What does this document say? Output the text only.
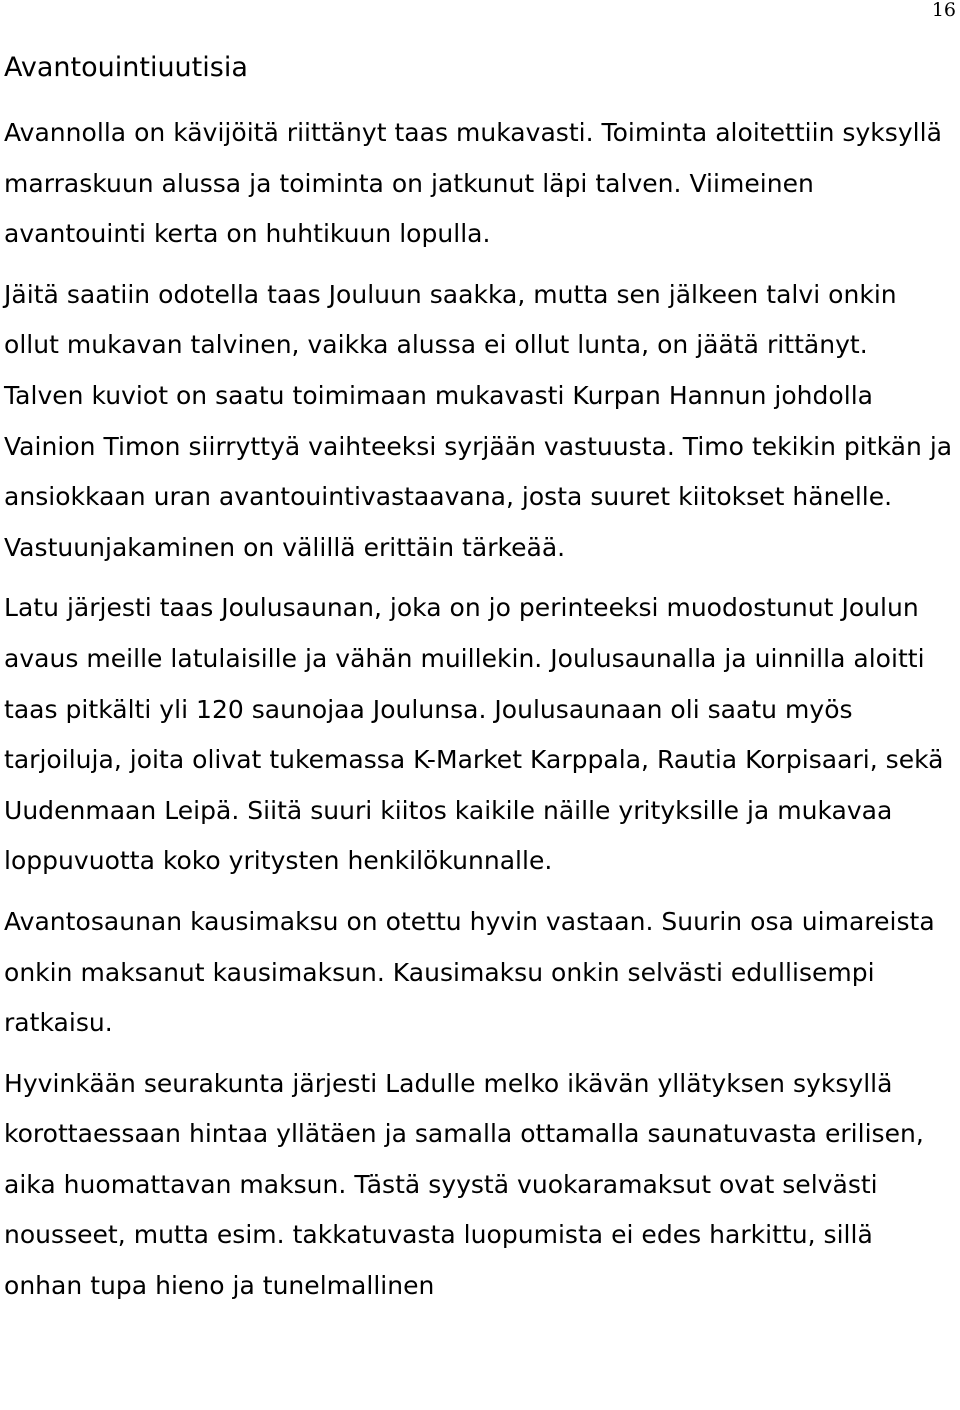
16
Avantouintiuutisia

Avannolla on kävijöitä riittänyt taas mukavasti. Toiminta aloitettiin syksyllä marraskuun alussa ja toiminta on jatkunut läpi talven. Viimeinen avantouinti kerta on huhtikuun lopulla.

Jäitä saatiin odotella taas Jouluun saakka, mutta sen jälkeen talvi onkin ollut mukavan talvinen, vaikka alussa ei ollut lunta, on jäätä rittänyt. Talven kuviot on saatu toimimaan mukavasti Kurpan Hannun johdolla Vainion Timon siirryttyä vaihteeksi syrjään vastuusta. Timo tekikin pitkän ja ansiokkaan uran avantouintivastaavana, josta suuret kiitokset hänelle. Vastuunjakaminen on välillä erittäin tärkeää.

Latu järjesti taas Joulusaunan, joka on jo perinteeksi muodostunut Joulun avaus meille latulaisille ja vähän muillekin. Joulusaunalla ja uinnilla aloitti taas pitkälti yli 120 saunojaa Joulunsa. Joulusaunaan oli saatu myös tarjoiluja, joita olivat tukemassa K-Market Karppala, Rautia Korpisaari, sekä Uudenmaan Leipä. Siitä suuri kiitos kaikile näille yrityksille ja mukavaa loppuvuotta koko yritysten henkilökunnalle.

Avantosaunan kausimaksu on otettu hyvin vastaan. Suurin osa uimareista onkin maksanut kausimaksun. Kausimaksu onkin selvästi edullisempi ratkaisu.

Hyvinkään seurakunta järjesti Ladulle melko ikävän yllätyksen syksyllä korottaessaan hintaa yllätäen ja samalla ottamalla saunatuvasta erilisen, aika huomattavan maksun. Tästä syystä vuokaramaksut ovat selvästi nousseet, mutta esim. takkatuvasta luopumista ei edes harkittu, sillä onhan tupa hieno ja tunelmallinen
